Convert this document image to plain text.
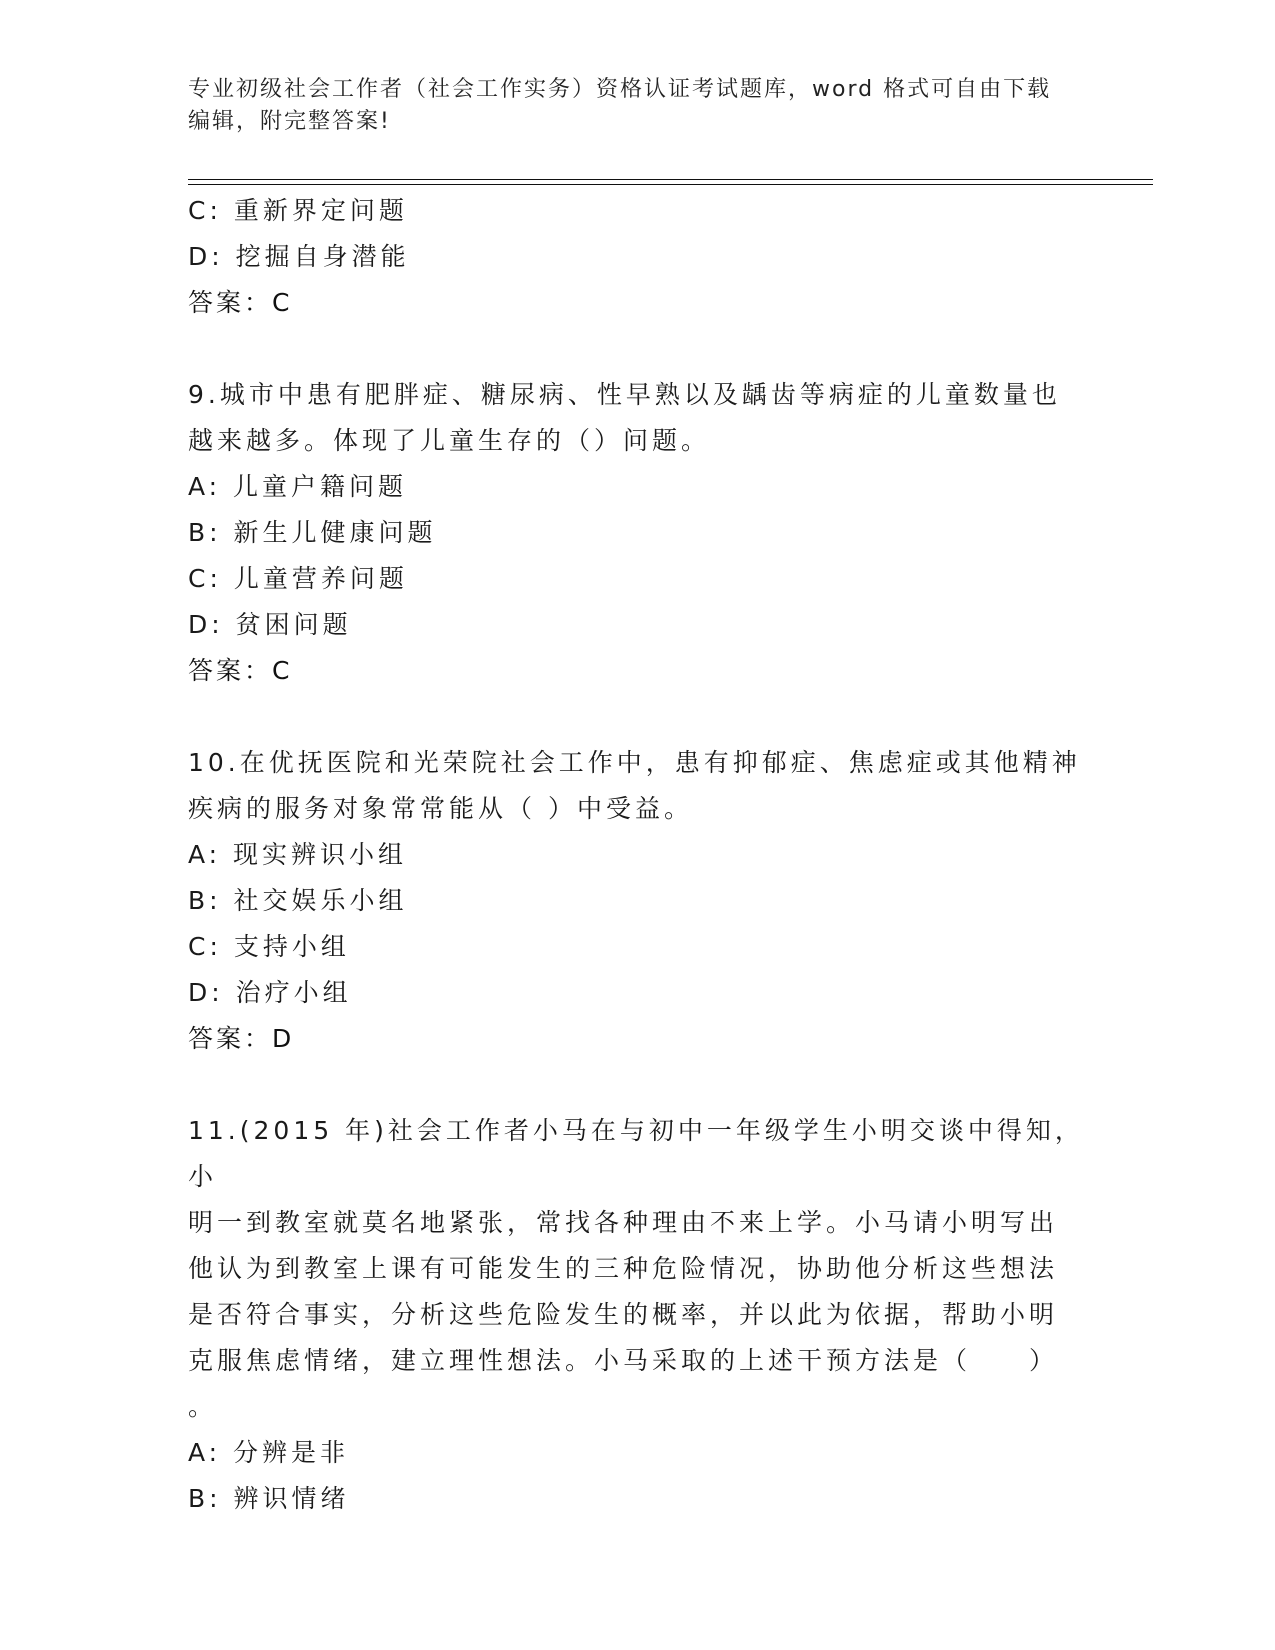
专业初级社会工作者（社会工作实务）资格认证考试题库，word 格式可自由下载
编辑，附完整答案!
C: 重新界定问题
D: 挖掘自身潜能
答案：C
9.城市中患有肥胖症、糖尿病、性早熟以及龋齿等病症的儿童数量也
越来越多。体现了儿童生存的（）问题。
A: 儿童户籍问题
B: 新生儿健康问题
C: 儿童营养问题
D: 贫困问题
答案：C
10.在优抚医院和光荣院社会工作中，患有抑郁症、焦虑症或其他精神
疾病的服务对象常常能从（ ）中受益。
A: 现实辨识小组
B: 社交娱乐小组
C: 支持小组
D: 治疗小组
答案：D
11.(2015 年)社会工作者小马在与初中一年级学生小明交谈中得知，小
明一到教室就莫名地紧张，常找各种理由不来上学。小马请小明写出
他认为到教室上课有可能发生的三种危险情况，协助他分析这些想法
是否符合事实，分析这些危险发生的概率，并以此为依据，帮助小明
克服焦虑情绪，建立理性想法。小马采取的上述干预方法是（　　）
。
A: 分辨是非
B: 辨识情绪
